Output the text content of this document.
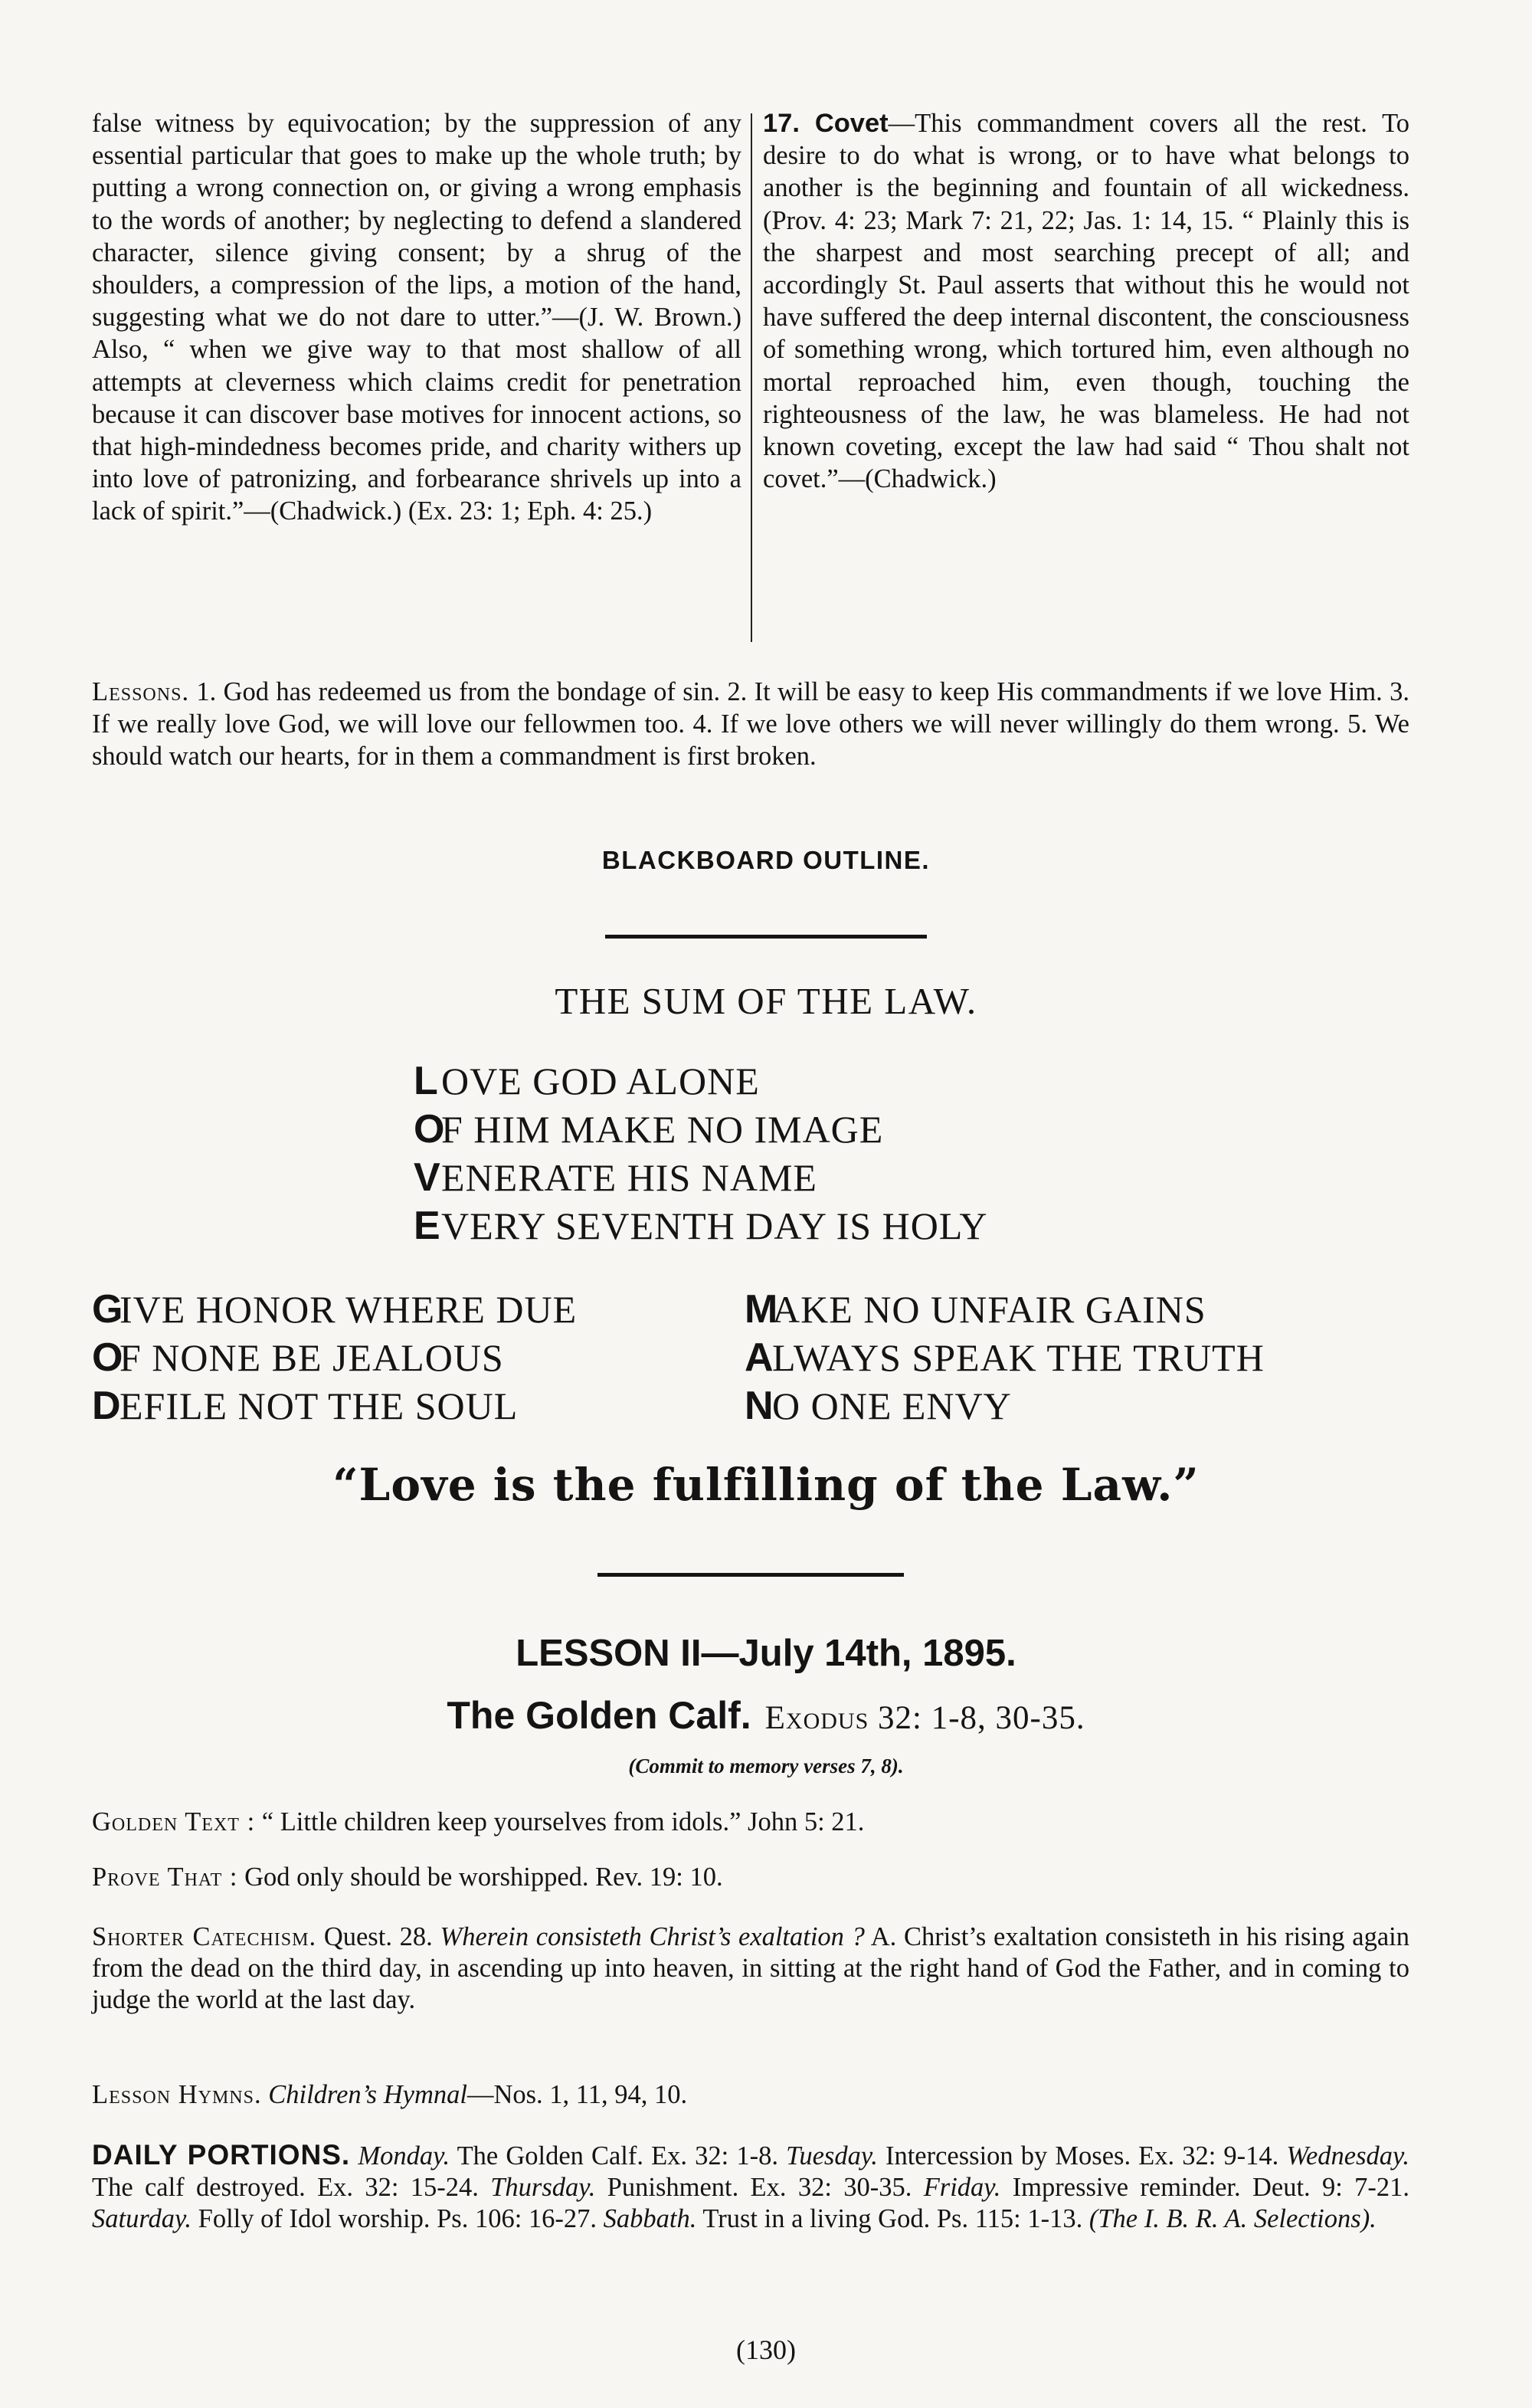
false witness by equivocation; by the suppression of any essential particular that goes to make up the whole truth; by putting a wrong connection on, or giving a wrong emphasis to the words of another; by neglecting to defend a slandered character, silence giving consent; by a shrug of the shoulders, a compression of the lips, a motion of the hand, suggesting what we do not dare to utter.”—(J. W. Brown.) Also, “ when we give way to that most shallow of all attempts at cleverness which claims credit for penetration because it can discover base motives for innocent actions, so that high-mindedness becomes pride, and charity withers up into love of patronizing, and forbearance shrivels up into a lack of spirit.”—(Chadwick.) (Ex. 23: 1; Eph. 4: 25.)

17. Covet—This commandment covers all the rest. To desire to do what is wrong, or to have what belongs to another is the beginning and fountain of all wickedness. (Prov. 4: 23; Mark 7: 21, 22; Jas. 1: 14, 15. “ Plainly this is the sharpest and most searching precept of all; and accordingly St. Paul asserts that without this he would not have suffered the deep internal discontent, the consciousness of something wrong, which tortured him, even although no mortal reproached him, even though, touching the righteousness of the law, he was blameless. He had not known coveting, except the law had said “ Thou shalt not covet.”—(Chadwick.)

Lessons. 1. God has redeemed us from the bondage of sin. 2. It will be easy to keep His commandments if we love Him. 3. If we really love God, we will love our fellowmen too. 4. If we love others we will never willingly do them wrong. 5. We should watch our hearts, for in them a commandment is first broken.

BLACKBOARD OUTLINE.

THE SUM OF THE LAW.

LOVE GOD ALONE
OF HIM MAKE NO IMAGE
VENERATE HIS NAME
EVERY SEVENTH DAY IS HOLY
GIVE HONOR WHERE DUE
OF NONE BE JEALOUS
DEFILE NOT THE SOUL
MAKE NO UNFAIR GAINS
ALWAYS SPEAK THE TRUTH
NO ONE ENVY

“Love is the fulfilling of the Law.”

LESSON II—July 14th, 1895.

The Golden Calf. Exodus 32: 1-8, 30-35.

(Commit to memory verses 7, 8).

Golden Text : “ Little children keep yourselves from idols.” John 5: 21.

Prove That : God only should be worshipped. Rev. 19: 10.

Shorter Catechism. Quest. 28. Wherein consisteth Christ’s exaltation ? A. Christ’s exaltation consisteth in his rising again from the dead on the third day, in ascending up into heaven, in sitting at the right hand of God the Father, and in coming to judge the world at the last day.

Lesson Hymns. Children’s Hymnal—Nos. 1, 11, 94, 10.

DAILY PORTIONS. Monday. The Golden Calf. Ex. 32: 1-8. Tuesday. Intercession by Moses. Ex. 32: 9-14. Wednesday. The calf destroyed. Ex. 32: 15-24. Thursday. Punishment. Ex. 32: 30-35. Friday. Impressive reminder. Deut. 9: 7-21. Saturday. Folly of Idol worship. Ps. 106: 16-27. Sabbath. Trust in a living God. Ps. 115: 1-13. (The I. B. R. A. Selections).

(130)
